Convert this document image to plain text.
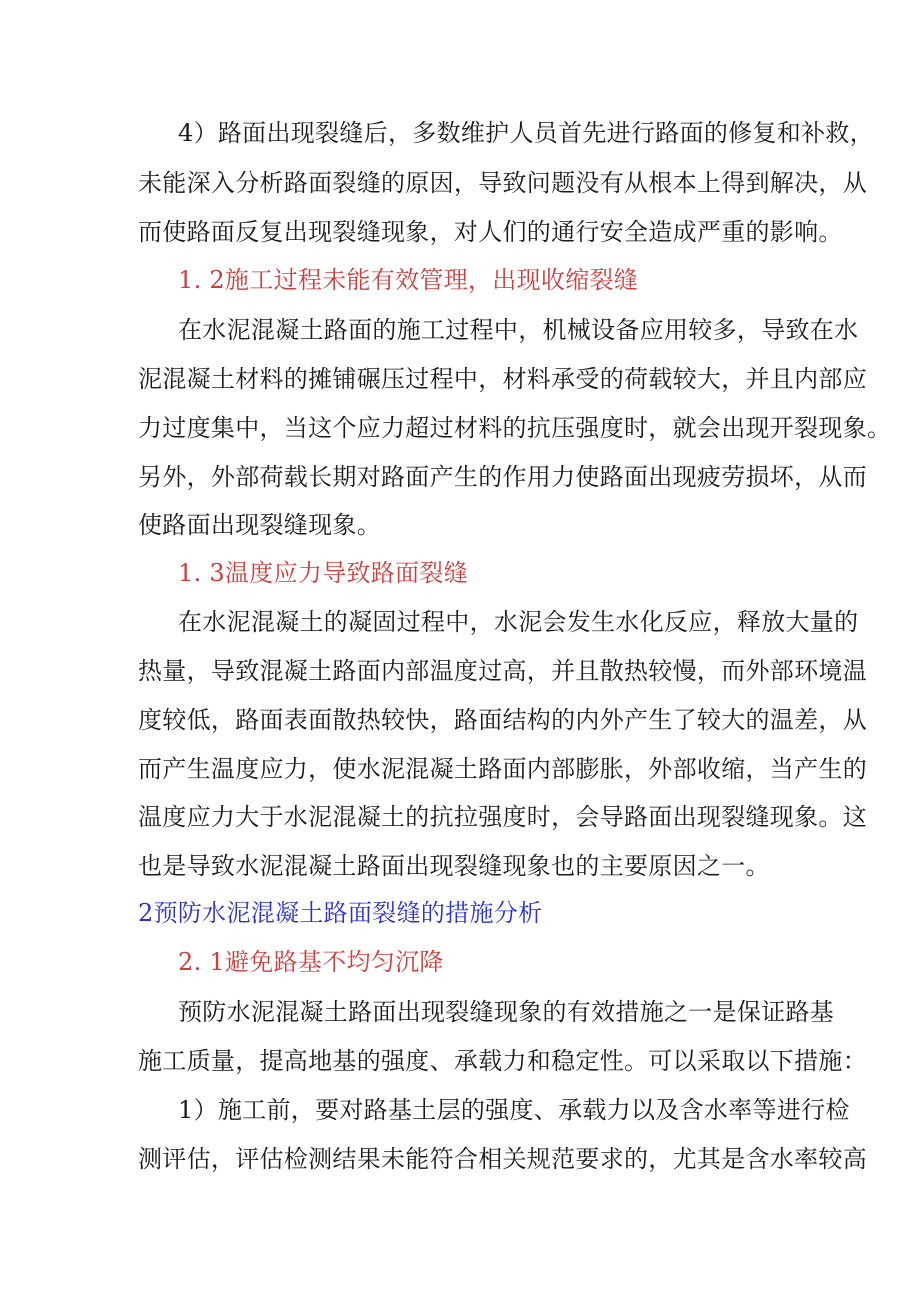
4）路面出现裂缝后，多数维护人员首先进行路面的修复和补救，
未能深入分析路面裂缝的原因，导致问题没有从根本上得到解决，从
而使路面反复出现裂缝现象，对人们的通行安全造成严重的影响。
1. 2施工过程未能有效管理，出现收缩裂缝
在水泥混凝土路面的施工过程中，机械设备应用较多，导致在水
泥混凝土材料的摊铺碾压过程中，材料承受的荷载较大，并且内部应
力过度集中，当这个应力超过材料的抗压强度时，就会出现开裂现象。
另外，外部荷载长期对路面产生的作用力使路面出现疲劳损坏，从而
使路面出现裂缝现象。
1. 3温度应力导致路面裂缝
在水泥混凝土的凝固过程中，水泥会发生水化反应，释放大量的
热量，导致混凝土路面内部温度过高，并且散热较慢，而外部环境温
度较低，路面表面散热较快，路面结构的内外产生了较大的温差，从
而产生温度应力，使水泥混凝土路面内部膨胀，外部收缩，当产生的
温度应力大于水泥混凝土的抗拉强度时，会导路面出现裂缝现象。这
也是导致水泥混凝土路面出现裂缝现象也的主要原因之一。
2预防水泥混凝土路面裂缝的措施分析
2. 1避免路基不均匀沉降
预防水泥混凝土路面出现裂缝现象的有效措施之一是保证路基
施工质量，提高地基的强度、承载力和稳定性。可以采取以下措施：
1）施工前，要对路基土层的强度、承载力以及含水率等进行检
测评估，评估检测结果未能符合相关规范要求的，尤其是含水率较高
